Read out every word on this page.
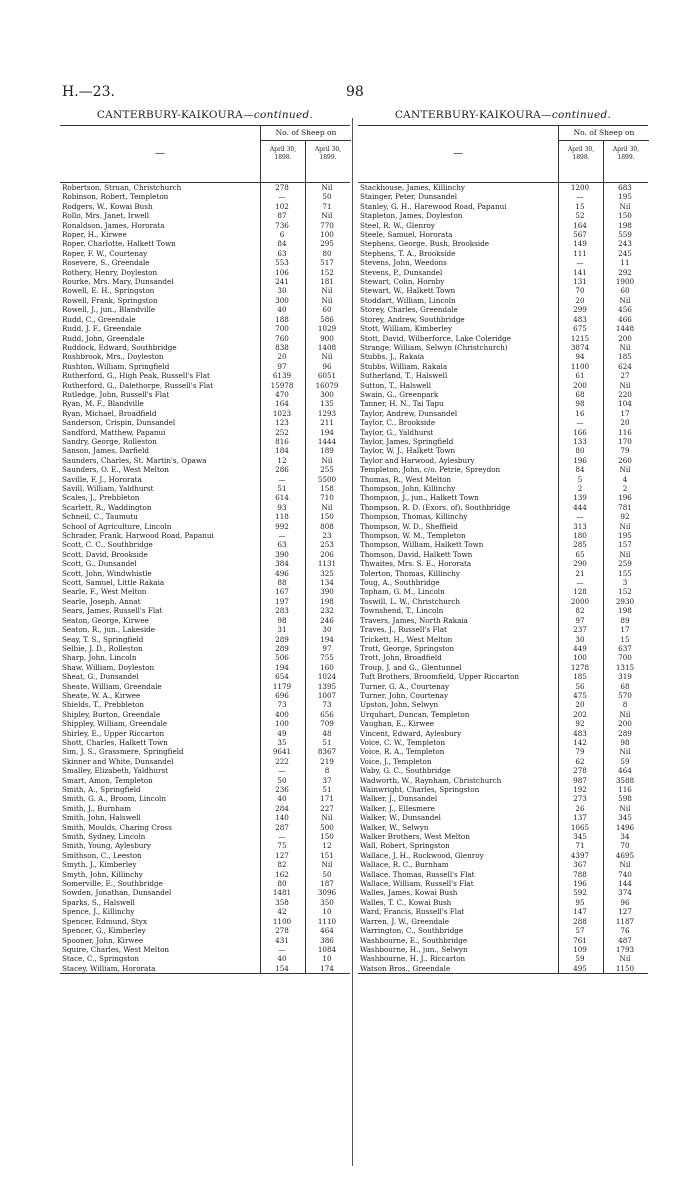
H.—23.	98
CANTERBURY-KAIKOURA—continued.
—
No. of Sheep on
April 30, 1898.
April 30, 1899.
Robertson, Struan, Christchurch	278	Nil
Robinson, Robert, Templeton	—	50
Rodgers, W., Kowai Bush	102	71
Rollo, Mrs. Janet, Irwell	87	Nil
Ronaldson, James, Hororata	736	770
Roper, H., Kirwee	6	100
Roper, Charlotte, Halkett Town	84	295
Roper, F. W., Courtenay	63	80
Rosevere, S., Greendale	553	517
Rothery, Henry, Doyleston	106	152
Rourke, Mrs. Mary, Dunsandel	241	181
Rowell, E. H., Springston	30	Nil
Rowell, Frank, Springston	300	Nil
Rowell, J., jun., Blandville	40	60
Rudd, C., Greendale	188	586
Rudd, J. F., Greendale	700	1029
Rudd, John, Greendale	760	900
Ruddock, Edward, Southbridge	838	1408
Rushbrook, Mrs., Doyleston	20	Nil
Rushton, William, Springfield	97	96
Rutherford, G., High Peak, Russell's Flat	6139	6051
Rutherford, G., Dalethorpe, Russell's Flat	15978	16079
Rutledge, John, Russell's Flat	470	300
Ryan, M. F., Blandville	164	135
Ryan, Michael, Broadfield	1023	1293
Sanderson, Crispin, Dunsandel	123	211
Sandford, Matthew, Papanui	252	194
Sandry, George, Rolleston	816	1444
Sanson, James, Darfield	184	189
Saunders, Charles, St. Martin's, Opawa	12	Nil
Saunders, O. E., West Melton	286	255
Saville, F. J., Hororata	—	5500
Savill, William, Yaldhurst	51	158
Scales, J., Prebbleton	614	710
Scarlett, R., Waddington	93	Nil
Schneil, C., Taumutu	118	150
School of Agriculture, Lincoln	992	808
Schrader, Frank, Harwood Road, Papanui	—	23
Scott, C. C., Southbridge	63	253
Scott, David, Brookside	390	206
Scott, G., Dunsandel	384	1131
Scott, John, Windwhistle	496	325
Scott, Samuel, Little Rakaia	88	134
Searle, F., West Melton	167	390
Searle, Joseph, Annat	197	198
Sears, James, Russell's Flat	283	232
Seaton, George, Kirwee	98	246
Seaton, R., jun., Lakeside	31	30
Seay, T. S., Springfield	289	194
Selbie, J. D., Rolleston	289	97
Sharp, John, Lincoln	506	755
Shaw, William, Doyleston	194	160
Sheat, G., Dunsandel	654	1024
Sheate, William, Greendale	1179	1395
Sheate, W. A., Kirwee	696	1007
Shields, T., Prebbleton	73	73
Shipley, Burton, Greendale	400	656
Shippley, William, Greendale	100	709
Shirley, E., Upper Riccarton	49	48
Shott, Charles, Halkett Town	35	51
Sim, J. S., Grassmere, Springfield	9641	8367
Skinner and White, Dunsandel	222	219
Smalley, Elizabeth, Yaldhurst	—	8
Smart, Amon, Templeton	50	37
Smith, A., Springfield	236	51
Smith, G. A., Broom, Lincoln	40	171
Smith, J., Burnham	284	227
Smith, John, Halswell	140	Nil
Smith, Moulds, Charing Cross	287	500
Smith, Sydney, Lincoln	—	150
Smith, Young, Aylesbury	75	12
Smithson, C., Leeston	127	151
Smyth, J., Kimberley	82	Nil
Smyth, John, Killinchy	162	50
Somerville, E., Southbridge	80	187
Sowden, Jonathan, Dunsandel	1481	3096
Sparks, S., Halswell	358	350
Spence, J., Killinchy	42	10
Spencer, Edmund, Styx	1100	1110
Spencer, G., Kimberley	278	464
Spooner, John, Kirwee	431	386
Squire, Charles, West Melton	—	1084
Stace, C., Springston	40	10
Stacey, William, Hororata	154	174
CANTERBURY-KAIKOURA—continued.
—
No. of Sheep on
April 30, 1898.
April 30, 1899.
Stackhouse, James, Killinchy	1200	683
Stainger, Peter, Dunsandel	—	195
Stanley, G. H., Harewood Road, Papanui	15	Nil
Stapleton, James, Doyleston	52	150
Steel, R. W., Glenroy	164	198
Steele, Samuel, Hororata	567	559
Stephens, George, Bush, Brookside	149	243
Stephens, T. A., Brookside	111	245
Stevens, John, Weedons	—	11
Stevens, P., Dunsandel	141	292
Stewart, Colin, Hornby	131	1900
Stewart, W., Halkett Town	70	60
Stoddart, William, Lincoln	20	Nil
Storey, Charles, Greendale	299	456
Storey, Andrew, Southbridge	483	466
Stott, William, Kimberley	675	1448
Stott, David, Wilberforce, Lake Coleridge	1215	200
Strange, William, Selwyn (Christchurch)	3874	Nil
Stubbs, J., Rakaia	94	185
Stubbs, William, Rakaia	1100	624
Sutherland, T., Halswell	61	27
Sutton, T., Halswell	200	Nil
Swain, G., Greenpark	68	220
Tanner, H. N., Tai Tapu	98	104
Taylor, Andrew, Dunsandel	16	17
Taylor, C., Brookside	—	20
Taylor, G., Yaldhurst	166	116
Taylor, James, Springfield	133	170
Taylor, W. J., Halkett Town	80	79
Taylor and Harwood, Aylesbury	196	260
Templeton, John, c/o. Petrie, Spreydon	84	Nil
Thomas, R., West Melton	5	4
Thompson, John, Killinchy	2	2
Thompson, J., jun., Halkett Town	139	196
Thompson, R. D. (Exors. of), Southbridge	444	781
Thompson, Thomas, Killinchy	—	92
Thompson, W. D., Sheffield	313	Nil
Thompson, W. M., Templeton	180	195
Thompson, William, Halkett Town	285	157
Thomson, David, Halkett Town	65	Nil
Thwaites, Mrs. S. E., Hororata	290	259
Tolerton, Thomas, Killinchy	21	155
Toug, A., Southbridge	—	3
Topham, G. M., Lincoln	128	152
Toswill, L. W., Christchurch	2000	2930
Townshend, T., Lincoln	82	198
Travers, James, North Rakaia	97	89
Traves, J., Russell's Flat	237	17
Trickett, H., West Melton	30	15
Trott, George, Springston	449	637
Trott, John, Broadfield	100	700
Troup, J. and G., Glentunnel	1278	1315
Tuft Brothers, Broomfield, Upper Riccarton	185	319
Turner, G. A., Courtenay	56	68
Turner, John, Courtenay	475	570
Upston, John, Selwyn	20	8
Urquhart, Duncan, Templeton	202	Nil
Vaughan, E., Kirwee	92	200
Vincent, Edward, Aylesbury	483	289
Voice, C. W., Templeton	142	98
Voice, R. A., Templeton	79	Nil
Voice, J., Templeton	62	59
Waby, G. C., Southbridge	278	464
Wadworth, W., Raynham, Christchurch	987	3588
Wainwright, Charles, Springston	192	116
Walker, J., Dunsandel	273	598
Walker, J., Ellesmere	26	Nil
Walker, W., Dunsandel	137	345
Walker, W., Selwyn	1065	1496
Walker Brothers, West Melton	345	34
Wall, Robert, Springston	71	70
Wallace, J. H., Rockwood, Glenroy	4397	4695
Wallace, R. C., Burnham	367	Nil
Wallace, Thomas, Russell's Flat	788	740
Wallace, William, Russell's Flat	196	144
Walles, James, Kowai Bush	592	374
Walles, T. C., Kowai Bush	95	96
Ward, Francis, Russell's Flat	147	127
Warren, J. W., Greendale	288	1187
Warrington, C., Southbridge	57	76
Washbourne, E., Southbridge	761	487
Washbourne, H., jun., Selwyn	109	1793
Washbourne, H. J., Riccarton	59	Nil
Watson Bros., Greendale	495	1150
